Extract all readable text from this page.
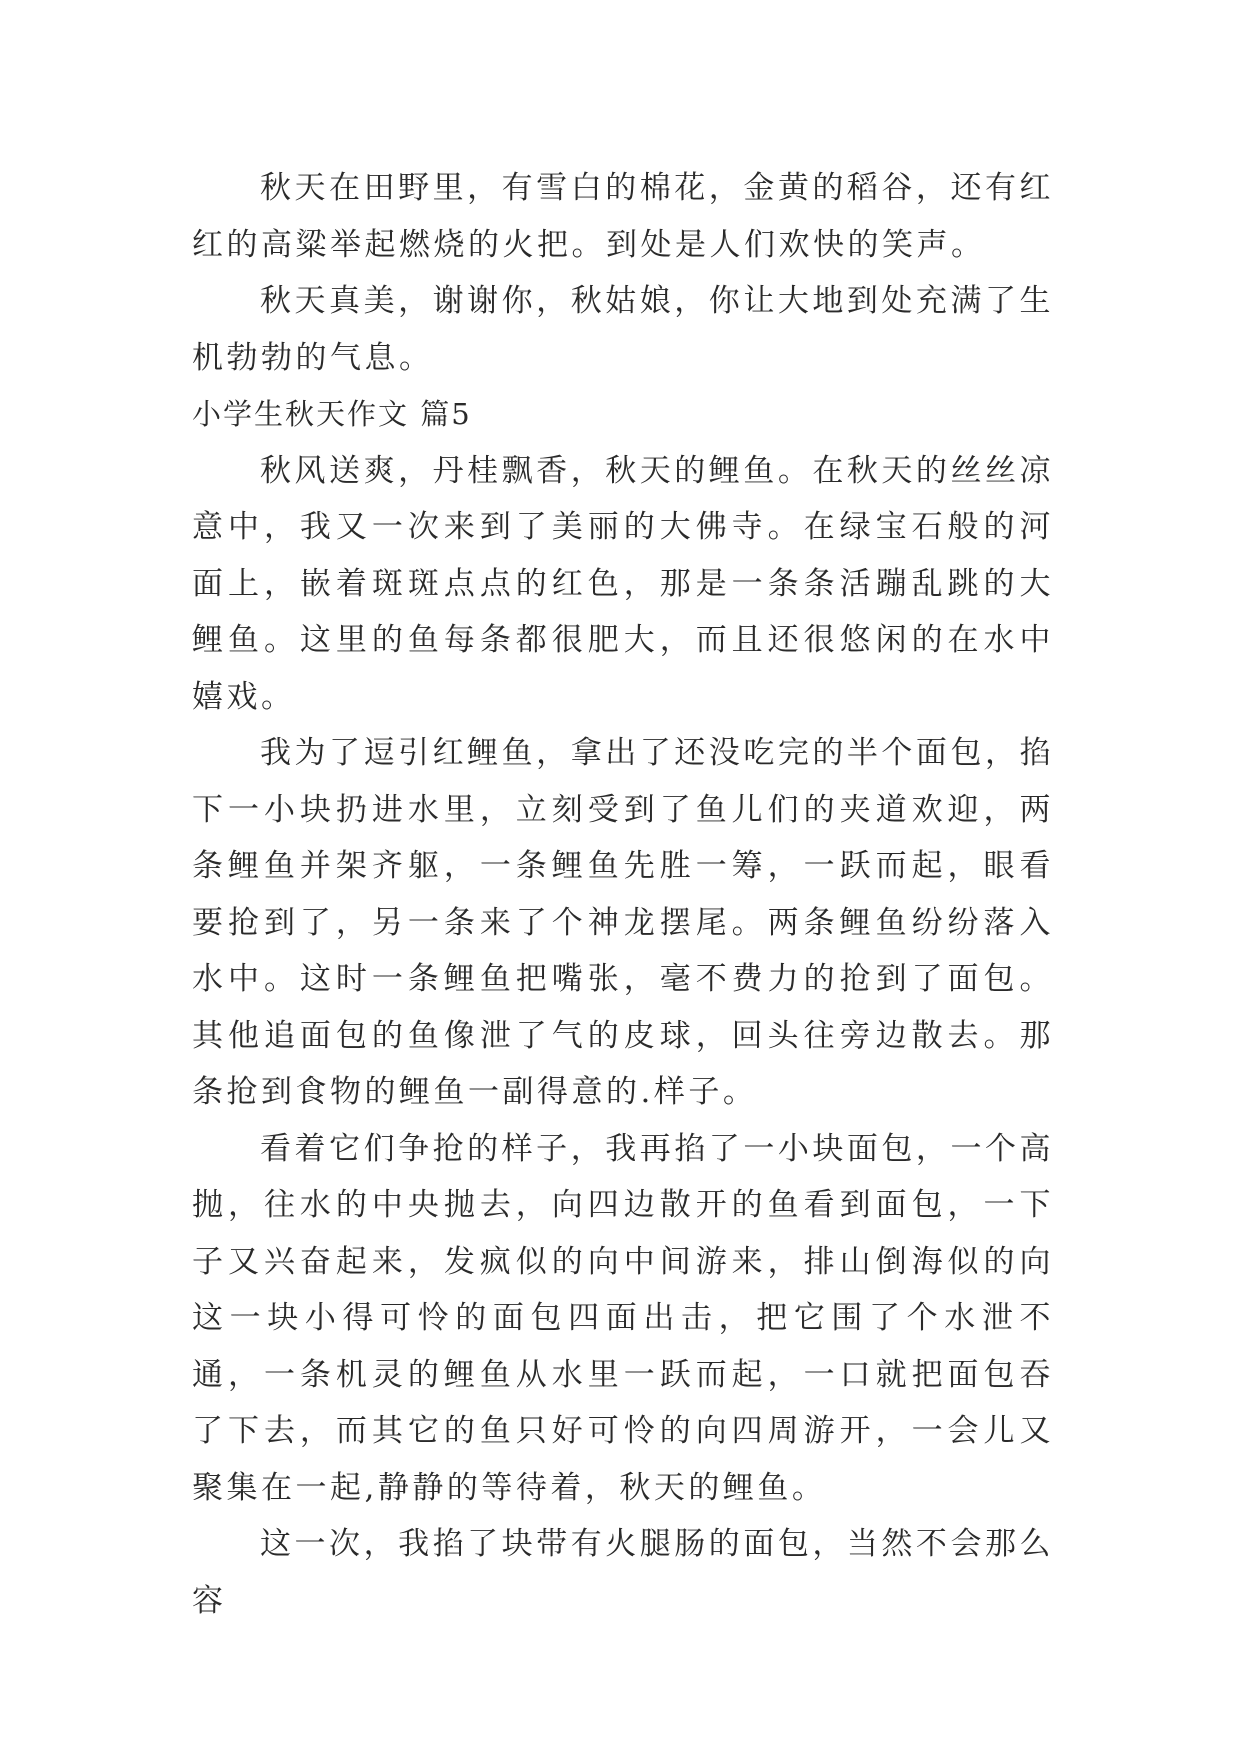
秋天在田野里，有雪白的棉花，金黄的稻谷，还有红红的高粱举起燃烧的火把。到处是人们欢快的笑声。

秋天真美，谢谢你，秋姑娘，你让大地到处充满了生机勃勃的气息。

小学生秋天作文 篇5

秋风送爽，丹桂飘香，秋天的鲤鱼。在秋天的丝丝凉意中，我又一次来到了美丽的大佛寺。在绿宝石般的河面上，嵌着斑斑点点的红色，那是一条条活蹦乱跳的大鲤鱼。这里的鱼每条都很肥大，而且还很悠闲的在水中嬉戏。

我为了逗引红鲤鱼，拿出了还没吃完的半个面包，掐下一小块扔进水里，立刻受到了鱼儿们的夹道欢迎，两条鲤鱼并架齐躯，一条鲤鱼先胜一筹，一跃而起，眼看要抢到了，另一条来了个神龙摆尾。两条鲤鱼纷纷落入水中。这时一条鲤鱼把嘴张，毫不费力的抢到了面包。其他追面包的鱼像泄了气的皮球，回头往旁边散去。那条抢到食物的鲤鱼一副得意的.样子。

看着它们争抢的样子，我再掐了一小块面包，一个高抛，往水的中央抛去，向四边散开的鱼看到面包，一下子又兴奋起来，发疯似的向中间游来，排山倒海似的向这一块小得可怜的面包四面出击，把它围了个水泄不通，一条机灵的鲤鱼从水里一跃而起，一口就把面包吞了下去，而其它的鱼只好可怜的向四周游开，一会儿又聚集在一起,静静的等待着，秋天的鲤鱼。

这一次，我掐了块带有火腿肠的面包，当然不会那么容
